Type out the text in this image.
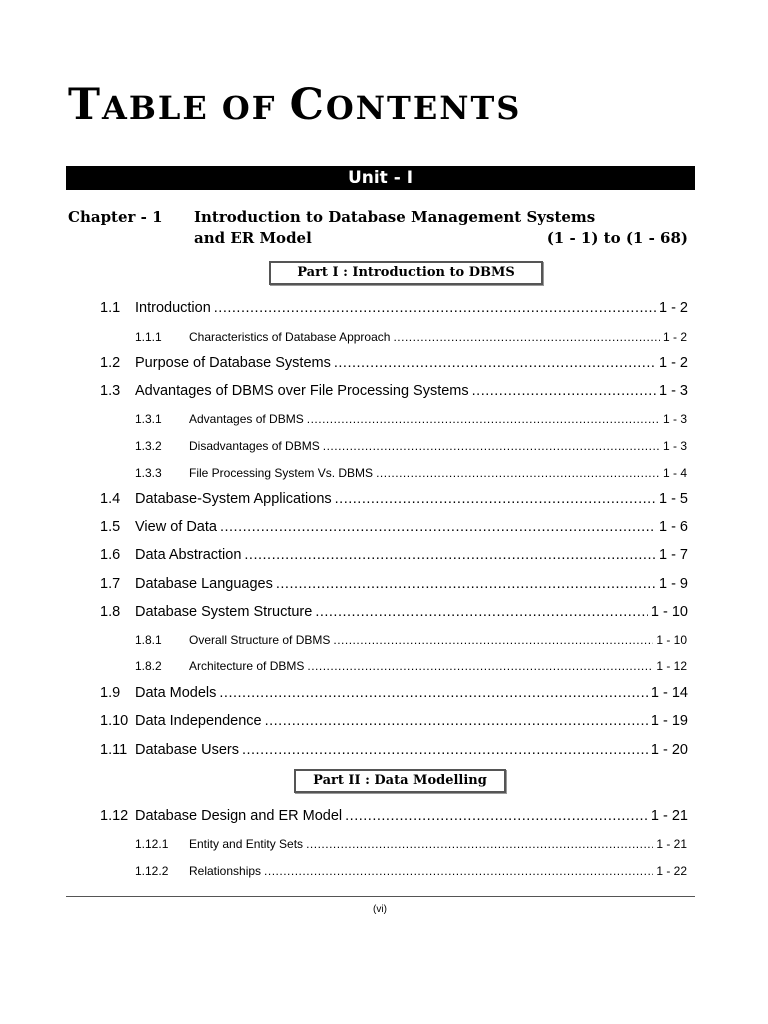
TABLE OF CONTENTS
Unit - I
Chapter - 1 Introduction to Database Management Systems
and ER Model	(1 - 1) to (1 - 68)
Part I : Introduction to DBMS
1.1	Introduction .....	1 - 2
1.1.1	Characteristics of Database Approach .....	1 - 2
1.2	Purpose of Database Systems .....	1 - 2
1.3	Advantages of DBMS over File Processing Systems .....	1 - 3
1.3.1	Advantages of DBMS .....	1 - 3
1.3.2	Disadvantages of DBMS .....	1 - 3
1.3.3	File Processing System Vs. DBMS .....	1 - 4
1.4	Database-System Applications .....	1 - 5
1.5	View of Data .....	1 - 6
1.6	Data Abstraction .....	1 - 7
1.7	Database Languages .....	1 - 9
1.8	Database System Structure .....	1 - 10
1.8.1	Overall Structure of DBMS .....	1 - 10
1.8.2	Architecture of DBMS .....	1 - 12
1.9	Data Models .....	1 - 14
1.10 Data Independence .....	1 - 19
1.11 Database Users .....	1 - 20
Part II : Data Modelling
1.12 Database Design and ER Model .....	1 - 21
1.12.1	Entity and Entity Sets .....	1 - 21
1.12.2	Relationships .....	1 - 22
(vi)
